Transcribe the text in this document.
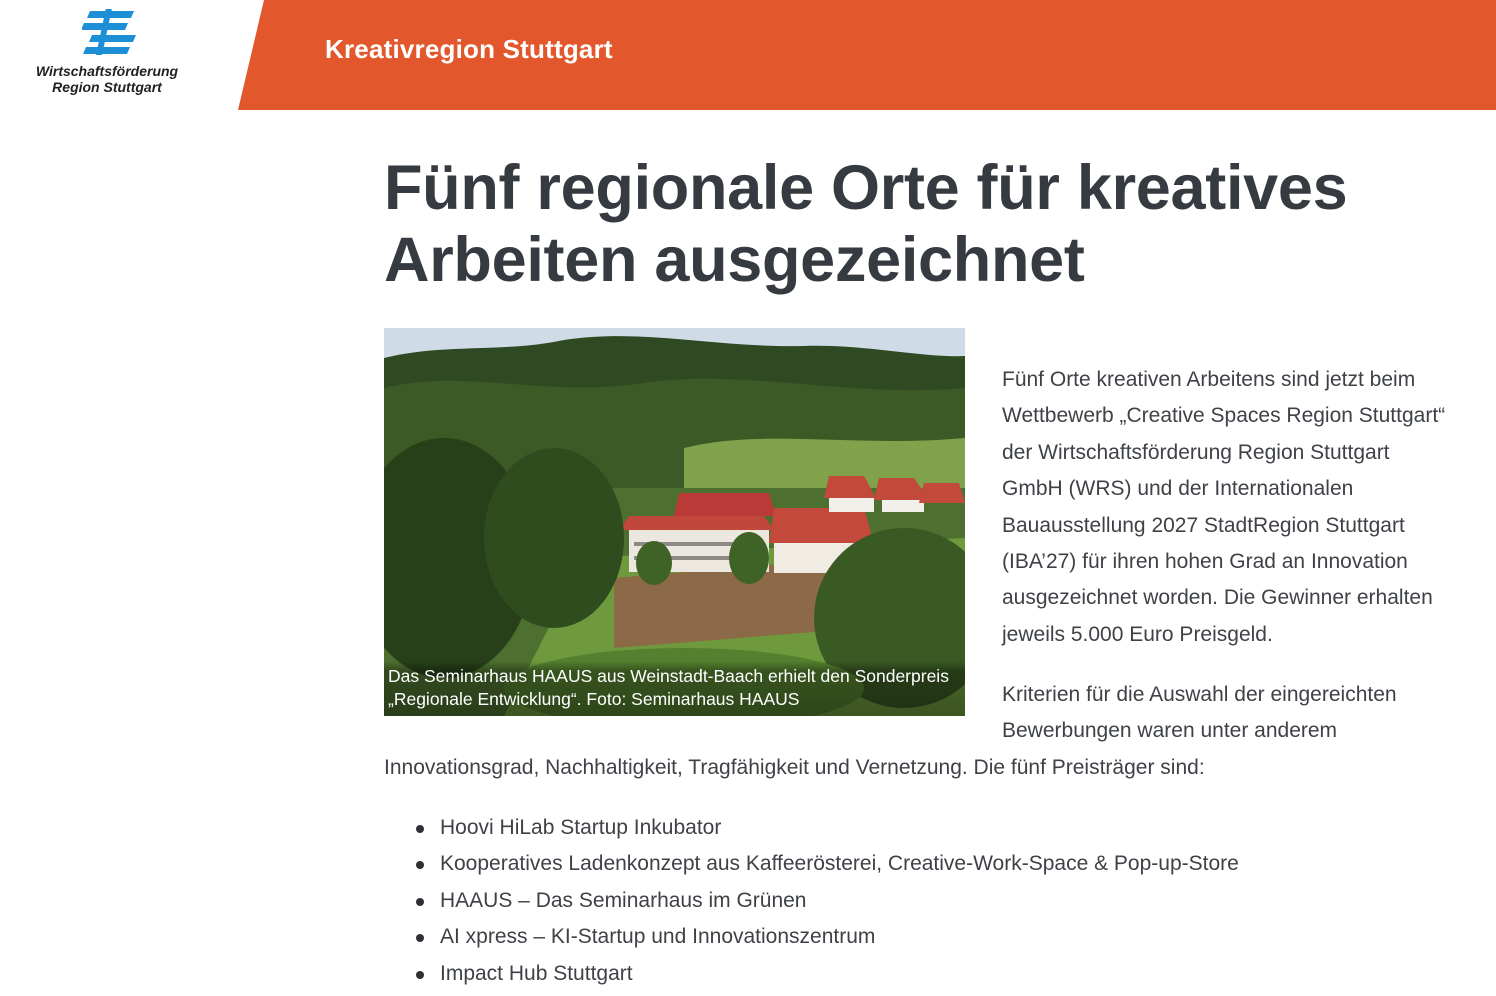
Wirtschaftsförderung
Region Stuttgart
Kreativregion Stuttgart
Fünf regionale Orte für kreatives
Arbeiten ausgezeichnet
Das Seminarhaus HAAUS aus Weinstadt-Baach erhielt den Sonderpreis
„Regionale Entwicklung“. Foto: Seminarhaus HAAUS
Fünf Orte kreativen Arbeitens sind jetzt beim
Wettbewerb „Creative Spaces Region Stuttgart“
der Wirtschaftsförderung Region Stuttgart
GmbH (WRS) und der Internationalen
Bauausstellung 2027 StadtRegion Stuttgart
(IBA’27) für ihren hohen Grad an Innovation
ausgezeichnet worden. Die Gewinner erhalten
jeweils 5.000 Euro Preisgeld.
Kriterien für die Auswahl der eingereichten
Bewerbungen waren unter anderem
Innovationsgrad, Nachhaltigkeit, Tragfähigkeit und Vernetzung. Die fünf Preisträger sind:
Hoovi HiLab Startup Inkubator
Kooperatives Ladenkonzept aus Kaffeerösterei, Creative-Work-Space & Pop-up-Store
HAAUS – Das Seminarhaus im Grünen
AI xpress – KI-Startup und Innovationszentrum
Impact Hub Stuttgart
